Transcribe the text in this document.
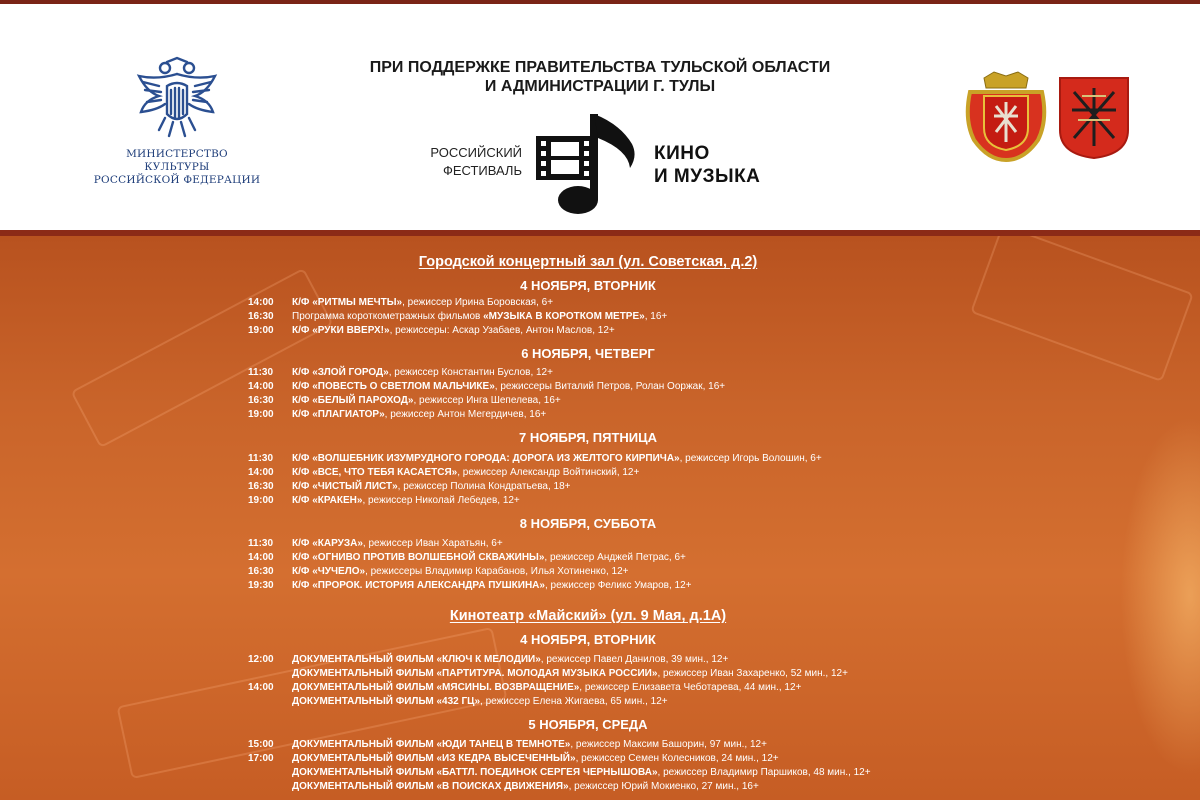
МИНИСТЕРСТВО КУЛЬТУРЫ
РОССИЙСКОЙ ФЕДЕРАЦИИ
ПРИ ПОДДЕРЖКЕ ПРАВИТЕЛЬСТВА ТУЛЬСКОЙ ОБЛАСТИ
И АДМИНИСТРАЦИИ Г. ТУЛЫ
РОССИЙСКИЙ
ФЕСТИВАЛЬ
КИНО
И МУЗЫКА
Городской концертный зал (ул. Советская, д.2)
4 НОЯБРЯ, ВТОРНИК
14:00 К/Ф «РИТМЫ МЕЧТЫ», режиссер Ирина Боровская, 6+
16:30 Программа короткометражных фильмов «МУЗЫКА В КОРОТКОМ МЕТРЕ», 16+
19:00 К/Ф «РУКИ ВВЕРХ!», режиссеры: Аскар Узабаев, Антон Маслов, 12+
6 НОЯБРЯ, ЧЕТВЕРГ
11:30 К/Ф «ЗЛОЙ ГОРОД», режиссер Константин Буслов, 12+
14:00 К/Ф «ПОВЕСТЬ О СВЕТЛОМ МАЛЬЧИКЕ», режиссеры Виталий Петров, Ролан Ооржак, 16+
16:30 К/Ф «БЕЛЫЙ ПАРОХОД», режиссер Инга Шепелева, 16+
19:00 К/Ф «ПЛАГИАТОР», режиссер Антон Мегердичев, 16+
7 НОЯБРЯ, ПЯТНИЦА
11:30 К/Ф «ВОЛШЕБНИК ИЗУМРУДНОГО ГОРОДА: ДОРОГА ИЗ ЖЕЛТОГО КИРПИЧА», режиссер Игорь Волошин, 6+
14:00 К/Ф «ВСЕ, ЧТО ТЕБЯ КАСАЕТСЯ», режиссер Александр Войтинский, 12+
16:30 К/Ф «ЧИСТЫЙ ЛИСТ», режиссер Полина Кондратьева, 18+
19:00 К/Ф «КРАКЕН», режиссер Николай Лебедев, 12+
8 НОЯБРЯ, СУББОТА
11:30 К/Ф «КАРУЗА», режиссер Иван Харатьян, 6+
14:00 К/Ф «ОГНИВО ПРОТИВ ВОЛШЕБНОЙ СКВАЖИНЫ», режиссер Анджей Петрас, 6+
16:30 К/Ф «ЧУЧЕЛО», режиссеры Владимир Карабанов, Илья Хотиненко, 12+
19:30 К/Ф «ПРОРОК. ИСТОРИЯ АЛЕКСАНДРА ПУШКИНА», режиссер Феликс Умаров, 12+
Кинотеатр «Майский» (ул. 9 Мая, д.1А)
4 НОЯБРЯ, ВТОРНИК
12:00 ДОКУМЕНТАЛЬНЫЙ ФИЛЬМ «КЛЮЧ К МЕЛОДИИ», режиссер Павел Данилов, 39 мин., 12+
ДОКУМЕНТАЛЬНЫЙ ФИЛЬМ «ПАРТИТУРА. МОЛОДАЯ МУЗЫКА РОССИИ», режиссер Иван Захаренко, 52 мин., 12+
14:00 ДОКУМЕНТАЛЬНЫЙ ФИЛЬМ «МЯСИНЫ. ВОЗВРАЩЕНИЕ», режиссер Елизавета Чеботарева, 44 мин., 12+
ДОКУМЕНТАЛЬНЫЙ ФИЛЬМ «432 ГЦ», режиссер Елена Жигаева, 65 мин., 12+
5 НОЯБРЯ, СРЕДА
15:00 ДОКУМЕНТАЛЬНЫЙ ФИЛЬМ «ЮДИ ТАНЕЦ В ТЕМНОТЕ», режиссер Максим Башорин, 97 мин., 12+
17:00 ДОКУМЕНТАЛЬНЫЙ ФИЛЬМ «ИЗ КЕДРА ВЫСЕЧЕННЫЙ», режиссер Семен Колесников, 24 мин., 12+
ДОКУМЕНТАЛЬНЫЙ ФИЛЬМ «БАТТЛ. ПОЕДИНОК СЕРГЕЯ ЧЕРНЫШОВА», режиссер Владимир Паршиков, 48 мин., 12+
ДОКУМЕНТАЛЬНЫЙ ФИЛЬМ «В ПОИСКАХ ДВИЖЕНИЯ», режиссер Юрий Мокиенко, 27 мин., 16+
